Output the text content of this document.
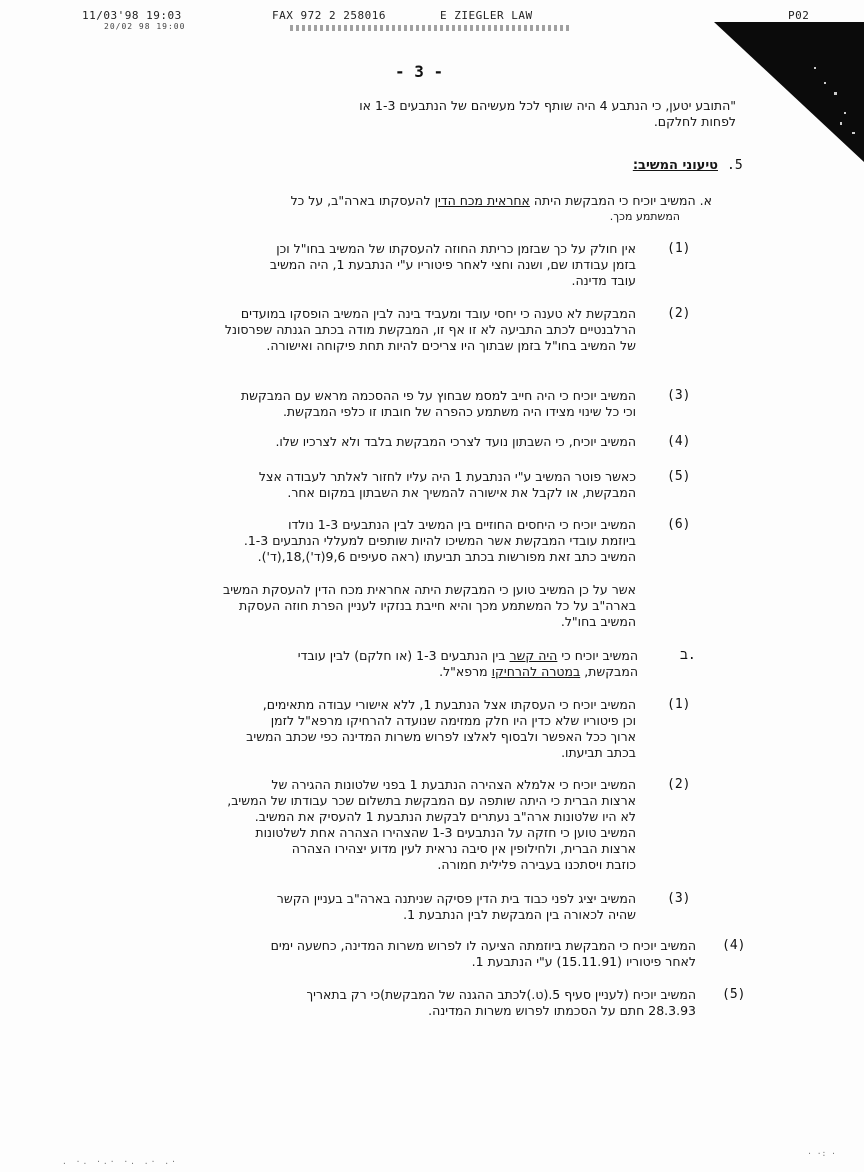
11/03'98 19:03	FAX 972 2 258016	E ZIEGLER LAW	P02
20/02 98 19:00
- 3 -
"התובע יטען, כי הנתבע 4 היה שותף לכל מעשיהם של הנתבעים 1-3 או
לפחות לחלקם.
.5
טיעוני המשיב:
א. המשיב יוכיח כי המבקשת היתה אחראית מכח הדין להעסקתו בארה"ב, על כל
המשתמע מכך.
(1)
אין חולק על כך שבזמן כריתת החוזה להעסקתו של המשיב בחו"ל וכן
בזמן עבודתו שם, ושנה וחצי לאחר פיטוריו ע"י הנתבעת 1, היה המשיב
עובד מדינה.
(2)
המבקשת לא טענה כי יחסי עובד ומעביד בינה לבין המשיב הופסקו במועדים
הרלבנטיים לכתב התביעה לא זו אף זו, המבקשת מודה בכתב הגנתה שפרסונל
של המשיב בחו"ל בזמן שבתוך היו צריכים להיות תחת פיקוחה ואישורה.
(3)
המשיב יוכיח כי היה חייב למסמ שבחוץ על פי ההסכמה מראש עם המבקשת
וכי כל שינוי מצידו היה משתמע כהפרה של חובתו זו כלפי המבקשת.
(4)
המשיב יוכיח, כי השבתון נועד לצרכי המבקשת בלבד ולא לצרכיו שלו.
(5)
כאשר פוטר המשיב ע"י הנתבעת 1 היה עליו לחזור לאלתר לעבודה אצל
המבקשת, או לקבל את אישורה להמשיך את השבתון במקום אחר.
(6)
המשיב יוכיח כי היחסים החוזיים בין המשיב לבין הנתבעים 1-3 נולדו
ביוזמת עובדי המבקשת אשר המשיכו להיות שותפים למעללי הנתבעים 1-3.
המשיב כתב זאת מפורשות בכתב תביעתו (ראה סעיפים 9,6(ד'),18,(ד').
אשר על כן המשיב טוען כי המבקשת היתה אחראית מכח הדין להעסקת המשיב
בארה"ב על כל המשתמע מכך והיא חייבת בנזקיו לעניין הפרת חוזה העסקת
המשיב בחו"ל.
ב.
המשיב יוכיח כי היה קשר בין הנתבעים 1-3 (או חלקם) לבין עובדי
המבקשת, במטרה להרחיקו מרפא"ל.
(1)
המשיב יוכיח כי העסקתו אצל הנתבעת 1, ללא אישורי עבודה מתאימים,
וכן פיטוריו שלא כדין היו חלק ממזימה שנועדה להרחיקו מרפא"ל לזמן
ארוך ככל האפשר ולבסוף לאלצו לפרוש משרות המדינה כפי שכתב המשיב
בכתב תביעתו.
(2)
המשיב יוכיח כי אלמלא הצהירה הנתבעת 1 בפני שלטונות ההגירה של
ארצות הברית כי היתה שותפה עם המבקשת בתשלום שכר עבודתו של המשיב,
לא היו שלטונות ארה"ב נעתרים לבקשת הנתבעת 1 להעסיק את המשיב.
המשיב טוען כי חזקה על הנתבעים 1-3 שהצהירו הצהרה אחת לשלטונות
ארצות הברית, ולחילופין אין סיבה נראית לעין מדוע יצהירו הצהרה
כוזבת ויסתכנו בעבירה פלילית חמורה.
(3)
המשיב יציג לפני כבוד בית הדין פסיקה שניתנה בארה"ב בעניין הקשר
שהיה לכאורה בין המבקשת לבין הנתבעת 1.
(4)
המשיב יוכיח כי המבקשת ביוזמתה הציעה לו לפרוש משרות המדינה, כחשעה ימים
לאחר פיטוריו (15.11.91) ע"י הנתבעת 1.
(5)
המשיב יוכיח (לעניין סעיף 5.(ט.)לכתב ההגנה של המבקשת)כי רק בתאריך
28.3.93 חתם על הסכמתו לפרוש משרות המדינה.
. ·. ·.· ·. .· .·
· ·: ·
